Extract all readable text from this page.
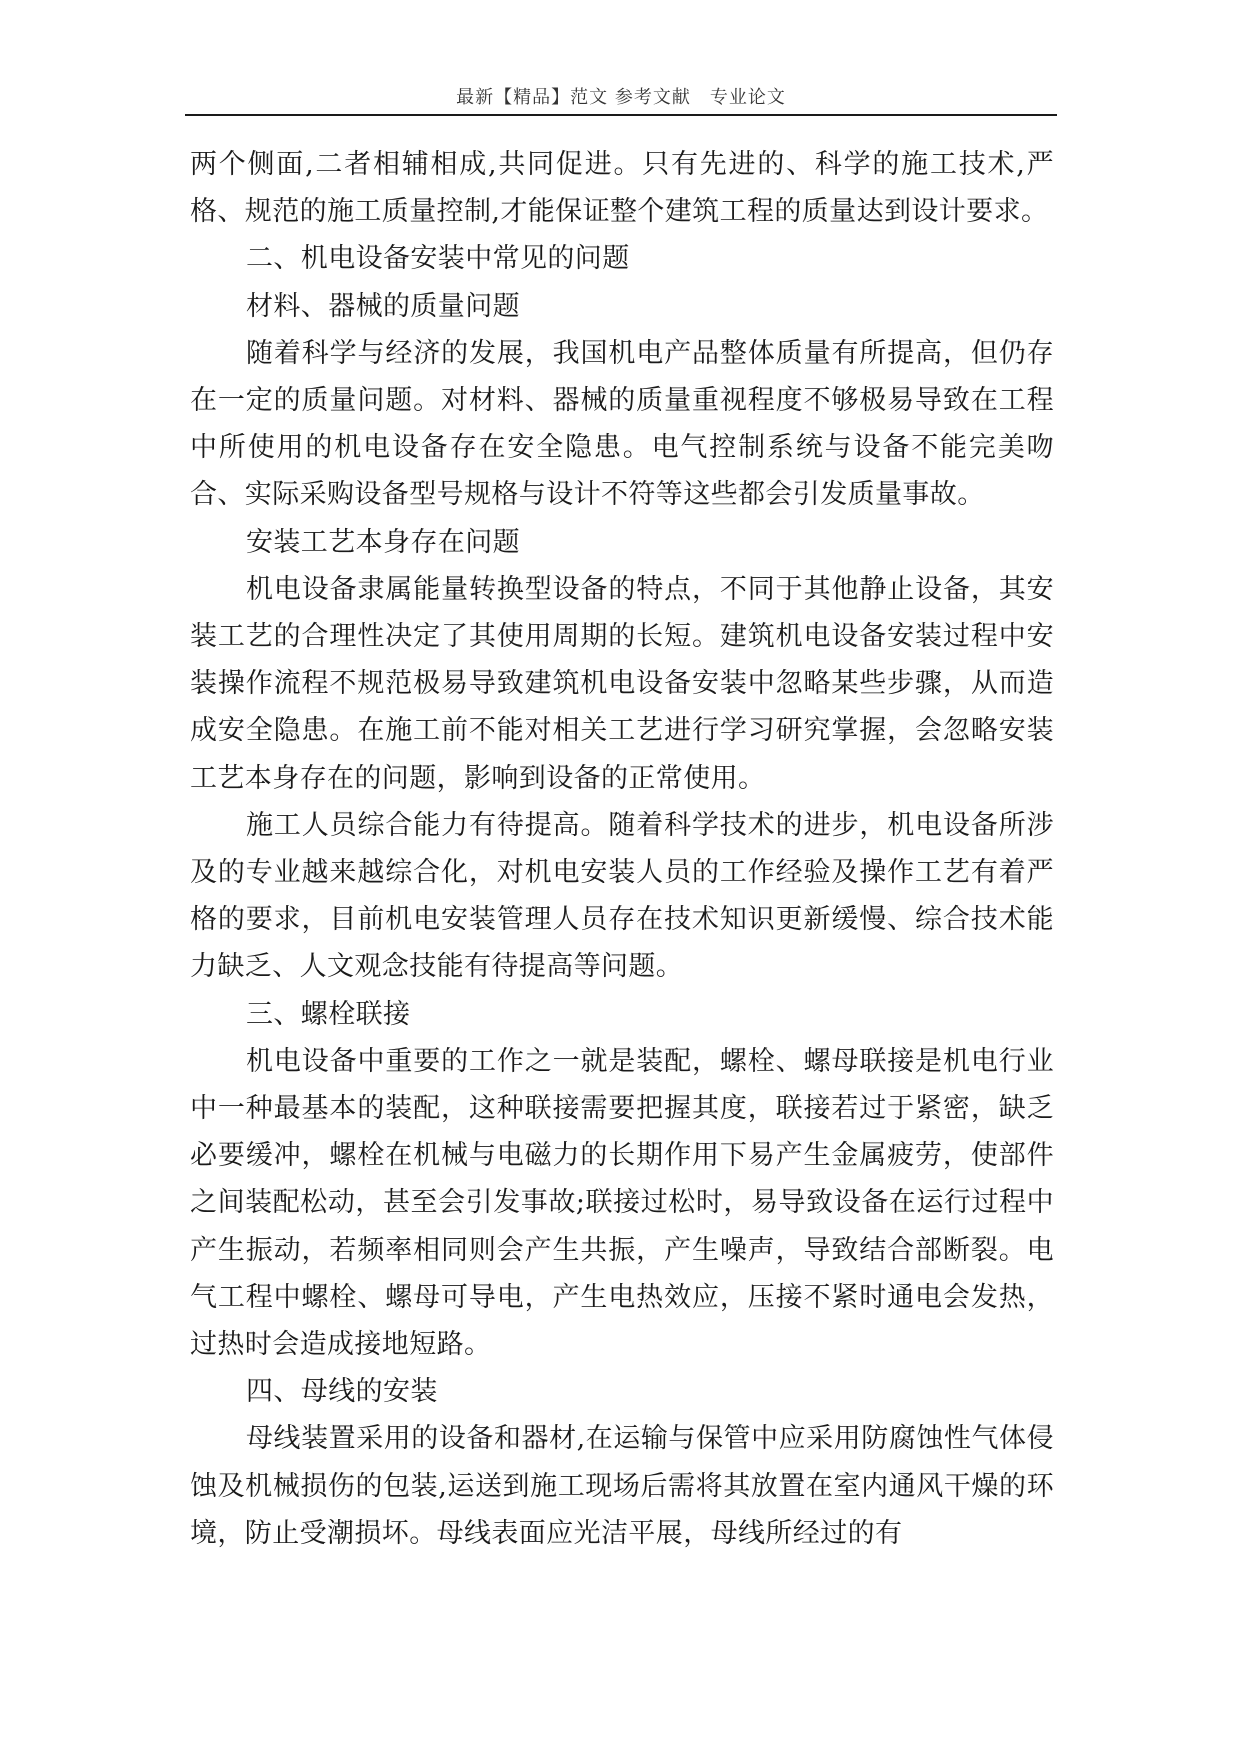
最新【精品】范文 参考文献　专业论文

两个侧面,二者相辅相成,共同促进。只有先进的、科学的施工技术,严格、规范的施工质量控制,才能保证整个建筑工程的质量达到设计要求。

二、机电设备安装中常见的问题

材料、器械的质量问题

随着科学与经济的发展，我国机电产品整体质量有所提高，但仍存在一定的质量问题。对材料、器械的质量重视程度不够极易导致在工程中所使用的机电设备存在安全隐患。电气控制系统与设备不能完美吻合、实际采购设备型号规格与设计不符等这些都会引发质量事故。

安装工艺本身存在问题

机电设备隶属能量转换型设备的特点，不同于其他静止设备，其安装工艺的合理性决定了其使用周期的长短。建筑机电设备安装过程中安装操作流程不规范极易导致建筑机电设备安装中忽略某些步骤，从而造成安全隐患。在施工前不能对相关工艺进行学习研究掌握，会忽略安装工艺本身存在的问题，影响到设备的正常使用。

施工人员综合能力有待提高。随着科学技术的进步，机电设备所涉及的专业越来越综合化，对机电安装人员的工作经验及操作工艺有着严格的要求，目前机电安装管理人员存在技术知识更新缓慢、综合技术能力缺乏、人文观念技能有待提高等问题。

三、螺栓联接

机电设备中重要的工作之一就是装配，螺栓、螺母联接是机电行业中一种最基本的装配，这种联接需要把握其度，联接若过于紧密，缺乏必要缓冲，螺栓在机械与电磁力的长期作用下易产生金属疲劳，使部件之间装配松动，甚至会引发事故;联接过松时，易导致设备在运行过程中产生振动，若频率相同则会产生共振，产生噪声，导致结合部断裂。电气工程中螺栓、螺母可导电，产生电热效应，压接不紧时通电会发热，过热时会造成接地短路。

四、母线的安装

母线装置采用的设备和器材,在运输与保管中应采用防腐蚀性气体侵蚀及机械损伤的包装,运送到施工现场后需将其放置在室内通风干燥的环境，防止受潮损坏。母线表面应光洁平展，母线所经过的有
